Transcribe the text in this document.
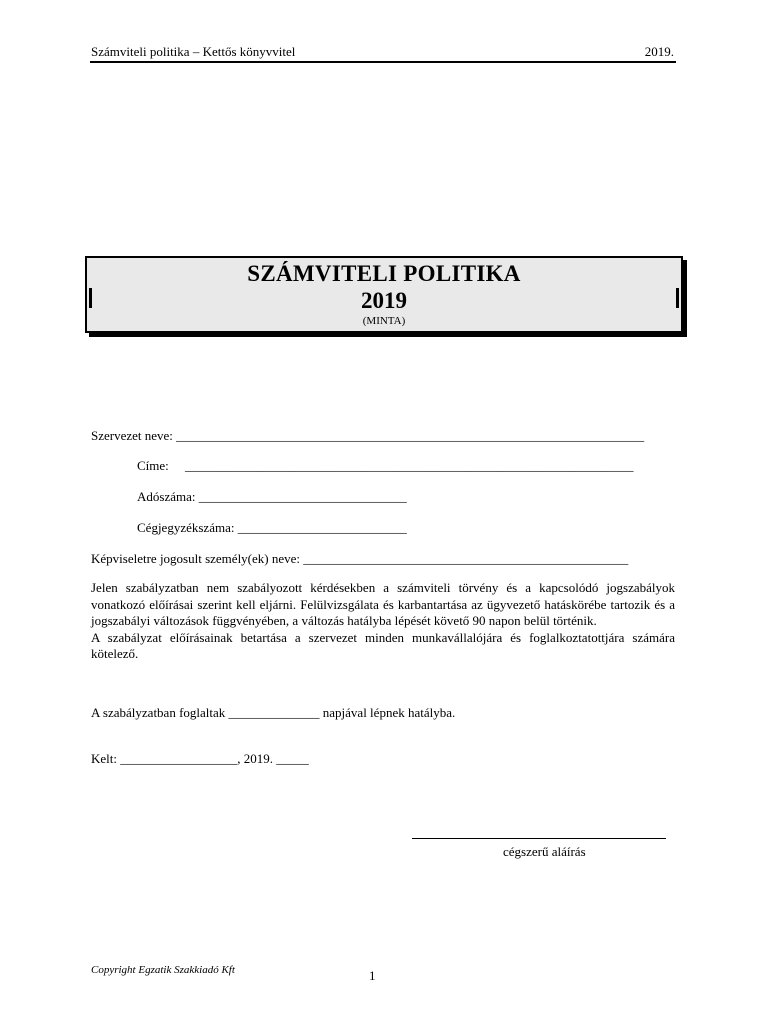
Számviteli politika – Kettős könyvvitel	2019.
SZÁMVITELI POLITIKA
2019
(MINTA)
Szervezet neve: ________________________________________________________________________
Címe:     _____________________________________________________________________
Adószáma: ________________________________
Cégjegyzékszáma: __________________________
Képviseletre jogosult személy(ek) neve: __________________________________________________

Jelen szabályzatban nem szabályozott kérdésekben a számviteli törvény és a kapcsolódó jogszabályok vonatkozó előírásai szerint kell eljárni. Felülvizsgálata és karbantartása az ügyvezető hatáskörébe tartozik és a jogszabályi változások függvényében, a változás hatályba lépését követő 90 napon belül történik.

A szabályzat előírásainak betartása a szervezet minden munkavállalójára és foglalkoztatottjára számára kötelező.

A szabályzatban foglaltak ______________ napjával lépnek hatályba.
Kelt: __________________, 2019. _____
cégszerű aláírás
Copyright Egzatik Szakkiadó Kft	1
